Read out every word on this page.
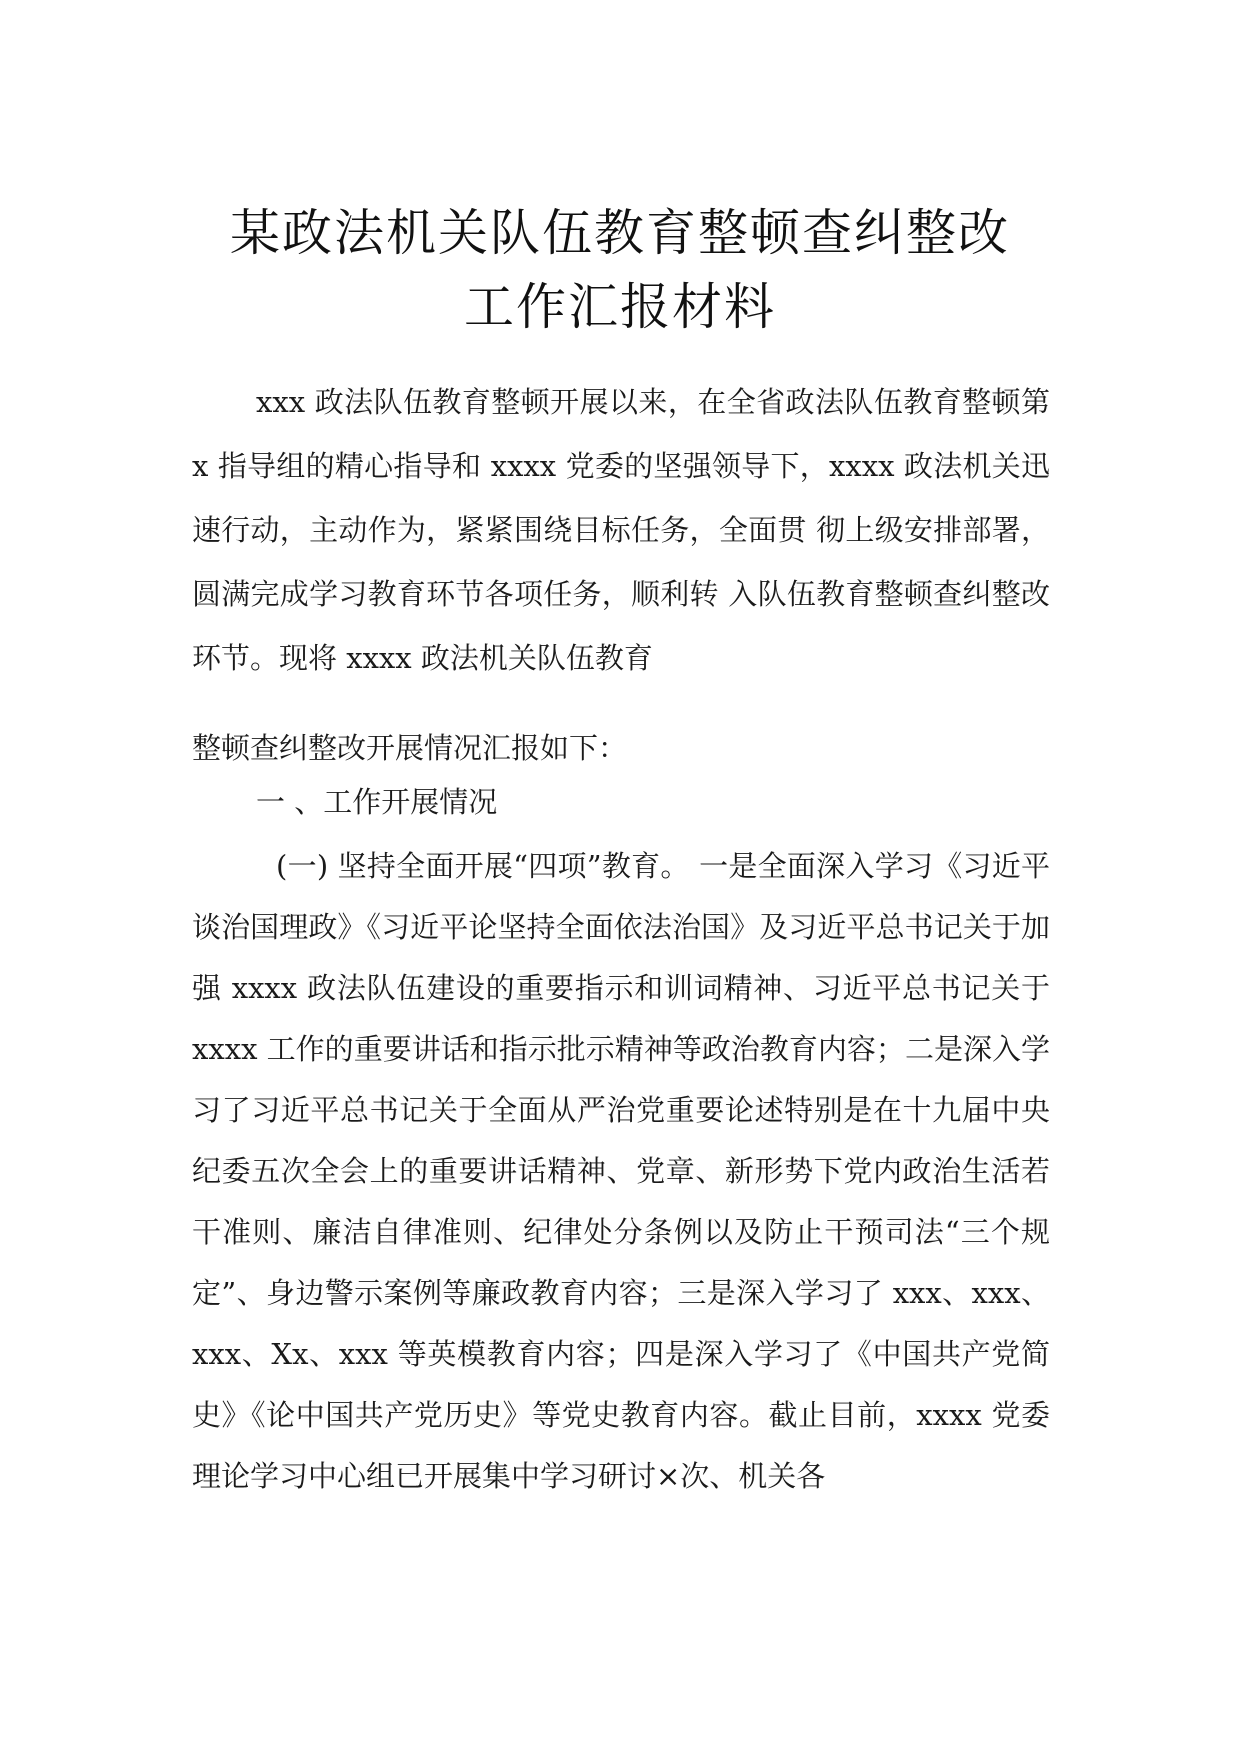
某政法机关队伍教育整顿查纠整改
工作汇报材料

xxx 政法队伍教育整顿开展以来，在全省政法队伍教育整顿第 x 指导组的精心指导和 xxxx 党委的坚强领导下，xxxx 政法机关迅速行动，主动作为，紧紧围绕目标任务，全面贯 彻上级安排部署，圆满完成学习教育环节各项任务，顺利转 入队伍教育整顿查纠整改环节。现将 xxxx 政法机关队伍教育

整顿查纠整改开展情况汇报如下：

一 、工作开展情况

(一) 坚持全面开展“四项”教育。 一是全面深入学习《习近平谈治国理政》《习近平论坚持全面依法治国》及习近平总书记关于加强 xxxx 政法队伍建设的重要指示和训词精神、习近平总书记关于 xxxx 工作的重要讲话和指示批示精神等政治教育内容；二是深入学习了习近平总书记关于全面从严治党重要论述特别是在十九届中央纪委五次全会上的重要讲话精神、党章、新形势下党内政治生活若干准则、廉洁自律准则、纪律处分条例以及防止干预司法“三个规定”、身边警示案例等廉政教育内容；三是深入学习了 xxx、xxx、xxx、Xx、xxx 等英模教育内容；四是深入学习了《中国共产党简史》《论中国共产党历史》等党史教育内容。截止目前，xxxx 党委理论学习中心组已开展集中学习研讨×次、机关各
